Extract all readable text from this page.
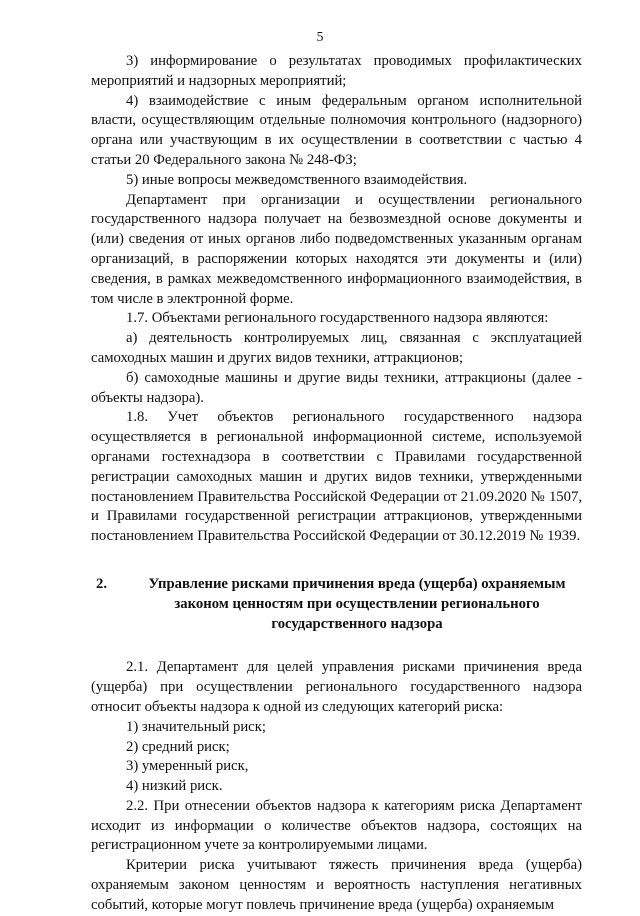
5

3) информирование о результатах проводимых профилактических мероприятий и надзорных мероприятий;

4) взаимодействие с иным федеральным органом исполнительной власти, осуществляющим отдельные полномочия контрольного (надзорного) органа или участвующим в их осуществлении в соответствии с частью 4 статьи 20 Федерального закона № 248-ФЗ;

5) иные вопросы межведомственного взаимодействия.

Департамент при организации и осуществлении регионального государственного надзора получает на безвозмездной основе документы и (или) сведения от иных органов либо подведомственных указанным органам организаций, в распоряжении которых находятся эти документы и (или) сведения, в рамках межведомственного информационного взаимодействия, в том числе в электронной форме.

1.7. Объектами регионального государственного надзора являются:

а) деятельность контролируемых лиц, связанная с эксплуатацией самоходных машин и других видов техники, аттракционов;

б) самоходные машины и другие виды техники, аттракционы (далее - объекты надзора).

1.8. Учет объектов регионального государственного надзора осуществляется в региональной информационной системе, используемой органами гостехнадзора в соответствии с Правилами государственной регистрации самоходных машин и других видов техники, утвержденными постановлением Правительства Российской Федерации от 21.09.2020 № 1507, и Правилами государственной регистрации аттракционов, утвержденными постановлением Правительства Российской Федерации от 30.12.2019 № 1939.

2.	Управление рисками причинения вреда (ущерба) охраняемым законом ценностям при осуществлении регионального государственного надзора

2.1. Департамент для целей управления рисками причинения вреда (ущерба) при осуществлении регионального государственного надзора относит объекты надзора к одной из следующих категорий риска:

1) значительный риск;

2) средний риск;

3) умеренный риск,

4) низкий риск.

2.2. При отнесении объектов надзора к категориям риска Департамент исходит из информации о количестве объектов надзора, состоящих на регистрационном учете за контролируемыми лицами.

Критерии риска учитывают тяжесть причинения вреда (ущерба) охраняемым законом ценностям и вероятность наступления негативных событий, которые могут повлечь причинение вреда (ущерба) охраняемым
